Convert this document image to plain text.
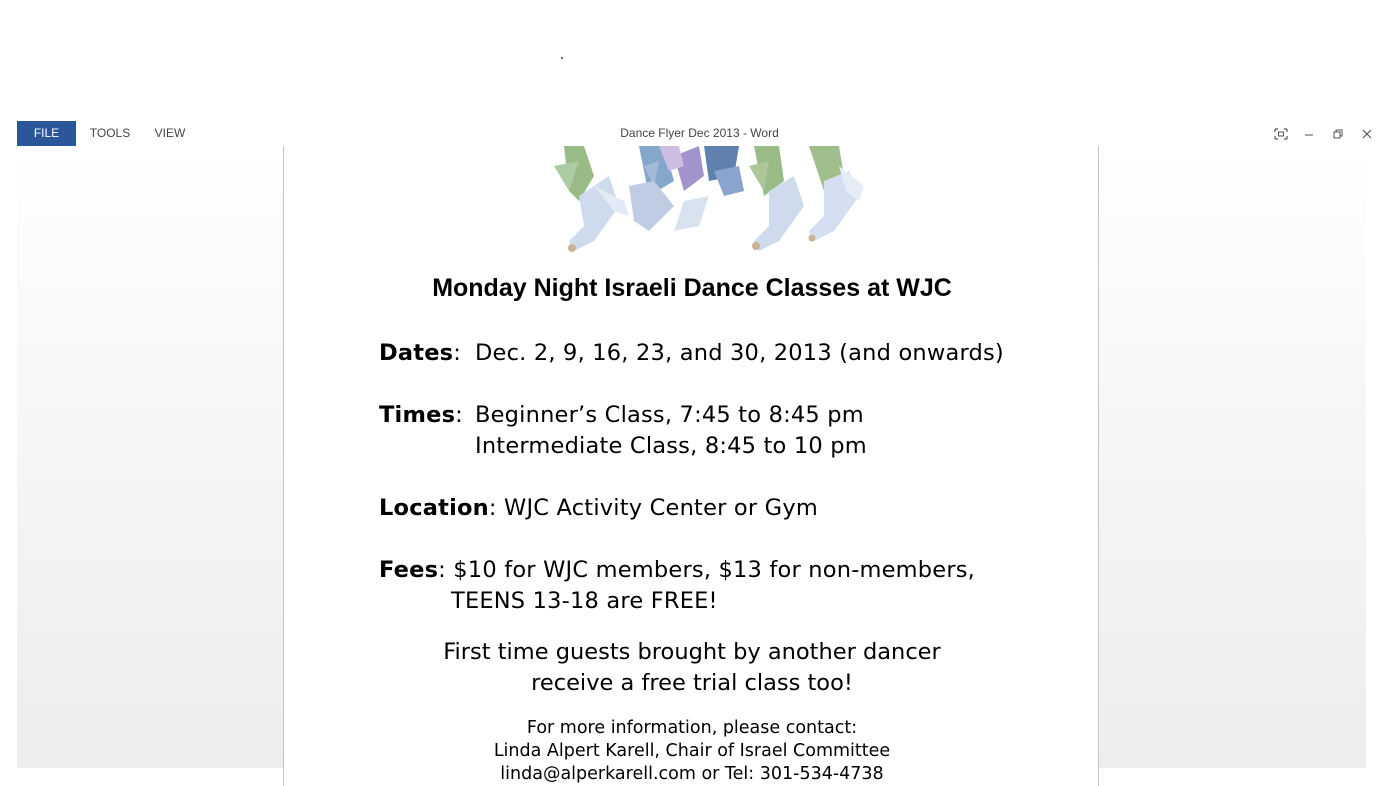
FILE	TOOLS	VIEW	Dance Flyer Dec 2013 - Word
Monday Night Israeli Dance Classes at WJC
Dates: Dec. 2, 9, 16, 23, and 30, 2013 (and onwards)
Times: Beginner’s Class, 7:45 to 8:45 pm
Intermediate Class, 8:45 to 10 pm
Location: WJC Activity Center or Gym
Fees: $10 for WJC members, $13 for non-members,
TEENS 13-18 are FREE!
First time guests brought by another dancer
receive a free trial class too!
For more information, please contact:
Linda Alpert Karell, Chair of Israel Committee
linda@alperkarell.com or Tel: 301-534-4738
